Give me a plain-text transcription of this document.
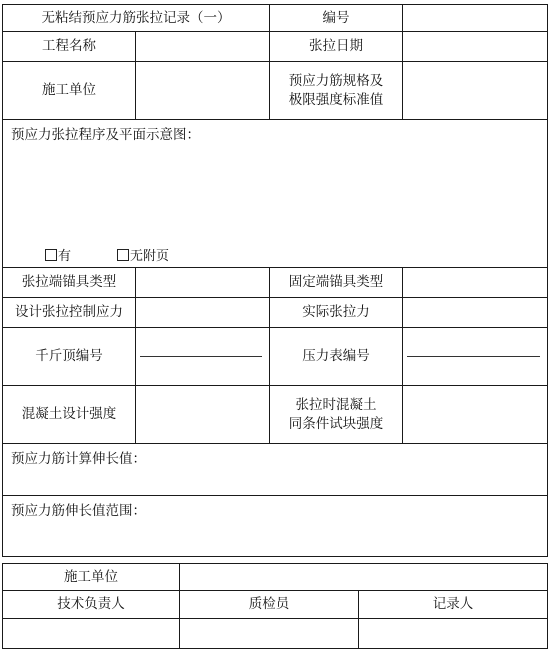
无粘结预应力筋张拉记录（一）		编号	
工程名称		张拉日期	
施工单位		预应力筋规格及
极限强度标准值	

预应力张拉程序及平面示意图：
有 无附页			

张拉端锚具类型		固定端锚具类型	
设计张拉控制应力		实际张拉力	
千斤顶编号		压力表编号	

混凝土设计强度		张拉时混凝土
同条件试块强度	

预应力筋计算伸长值：			

预应力筋伸长值范围：			
施工单位		
技术负责人	质检员	记录人
